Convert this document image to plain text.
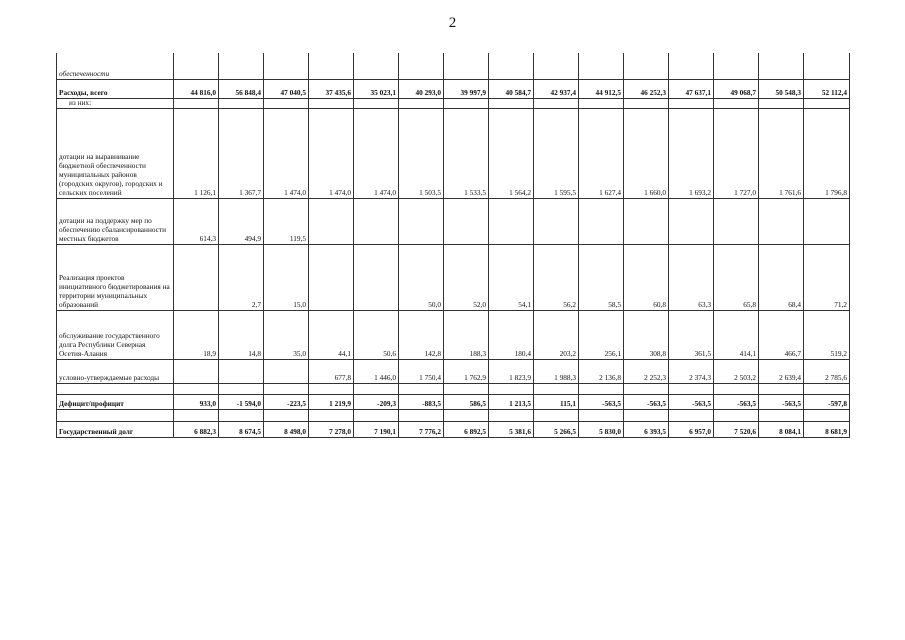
2
обеспеченности															
Расходы, всего	44 816,0	56 848,4	47 040,5	37 435,6	35 023,1	40 293,0	39 997,9	40 584,7	42 937,4	44 912,5	46 252,3	47 637,1	49 068,7	50 548,3	52 112,4
из них:															
дотации на выравнивание бюджетной обеспеченности муниципальных районов (городских округов), городских и сельских поселений	1 126,1	1 367,7	1 474,0	1 474,0	1 474,0	1 503,5	1 533,5	1 564,2	1 595,5	1 627,4	1 660,0	1 693,2	1 727,0	1 761,6	1 796,8
дотации на поддержку мер по обеспечению сбалансированности местных бюджетов	614,3	494,9	119,5												
Реализация проектов инициативного бюджетирования на территории муниципальных образований		2,7	15,0			50,0	52,0	54,1	56,2	58,5	60,8	63,3	65,8	68,4	71,2
обслуживание государственного долга Республики Северная Осетия-Алания	18,9	14,8	35,0	44,1	50,6	142,8	188,3	180,4	203,2	256,1	308,8	361,5	414,1	466,7	519,2
условно-утверждаемые расходы				677,8	1 446,0	1 750,4	1 762,9	1 823,9	1 988,3	2 136,8	2 252,3	2 374,3	2 503,2	2 639,4	2 785,6

Дефицит/профицит	933,0	-1 594,0	-223,5	1 219,9	-209,3	-883,5	586,5	1 213,5	115,1	-563,5	-563,5	-563,5	-563,5	-563,5	-597,8

Государственный долг	6 882,3	8 674,5	8 498,0	7 278,0	7 190,1	7 776,2	6 892,5	5 381,6	5 266,5	5 830,0	6 393,5	6 957,0	7 520,6	8 084,1	8 681,9
